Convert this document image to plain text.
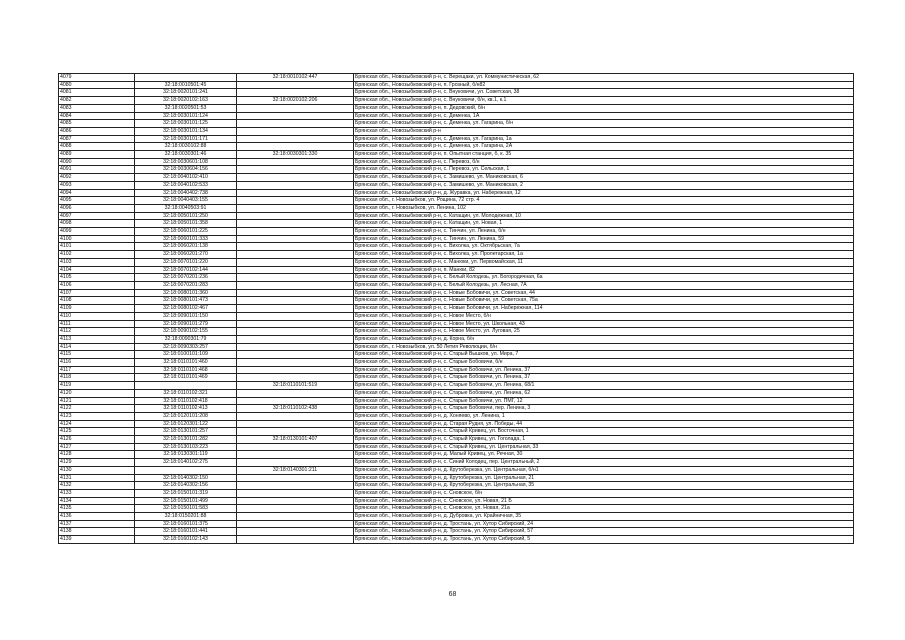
4079		32:18:0010102:447	Брянская обл., Новозыбковский р-н, с. Верещаки, ул. Коммунистическая, 62
4080	32:18:0010501:45		Брянская обл., Новозыбковский р-н, п. Грозный, б/н82
4081	32:18:0020101:241		Брянская обл., Новозыбковский р-н, с. Внуковичи, ул. Советская, 38
4082	32:18:0020102:163	32:18:0020102:206	Брянская обл., Новозыбковский р-н, с. Внуковичи, б/н, кв.1, к.1
4083	32:18:0020501:53		Брянская обл., Новозыбковский р-н, п. Дедовский, б/н
4084	32:18:0030101:124		Брянская обл., Новозыбковский р-н, с. Деменка, 1А
4085	32:18:0030101:125		Брянская обл., Новозыбковский р-н, с. Деменка, ул. Гагарина, б/н
4086	32:18:0030101:134		Брянская обл., Новозыбковский р-н
4087	32:18:0030101:171		Брянская обл., Новозыбковский р-н, с. Деменка, ул. Гагарина, 1а
4088	32:18:0030102:88		Брянская обл., Новозыбковский р-н, с. Деменка, ул. Гагарина, 2А
4089	32:18:0030301:46	32:18:0030301:330	Брянская обл., Новозыбковский р-н, п. Опытная станция, б, к. 35
4090	32:18:0030601:108		Брянская обл., Новозыбковский р-н, с. Перевоз, б/н
4091	32:18:0030604:156		Брянская обл., Новозыбковский р-н, с. Перевоз, ул. Сельская, 1
4092	32:18:0040102:410		Брянская обл., Новозыбковский р-н, с. Замишево, ул. Маниковская, 6
4093	32:18:0040102:533		Брянская обл., Новозыбковский р-н, с. Замишево, ул. Маниковская, 2
4094	32:18:0040402:738		Брянская обл., Новозыбковский р-н, д. Журавка, ул. Набережная, 12
4095	32:18:0040403:155		Брянская обл., г. Новозыбков, ул. Рощина, 72 стр. 4
4096	32:18:0040503:91		Брянская обл., г. Новозыбков, ул. Ленина, 102
4097	32:18:0050101:250		Брянская обл., Новозыбковский р-н, с. Катащин, ул. Молодежная, 10
4098	32:18:0050101:358		Брянская обл., Новозыбковский р-н, с. Катащин, ул. Новая, 1
4099	32:18:0060101:225		Брянская обл., Новозыбковский р-н, с. Тинчин, ул. Ленина, б/н
4100	32:18:0060101:333		Брянская обл., Новозыбковский р-н, с. Тинчин, ул. Ленина, 59
4101	32:18:0060201:138		Брянская обл., Новозыбковский р-н, с. Вихолка, ул. Октябрьская, 7а
4102	32:18:0060201:270		Брянская обл., Новозыбковский р-н, с. Вихолка, ул. Пролетарская, 1а
4103	32:18:0070101:220		Брянская обл., Новозыбковский р-н, с. Манюки, ул. Первомайская, 11
4104	32:18:0070102:144		Брянская обл., Новозыбковский р-н, п. Манюи, 82
4105	32:18:0070201:236		Брянская обл., Новозыбковский р-н, с. Белый Колодезь, ул. Богородичная, 6а
4106	32:18:0070201:283		Брянская обл., Новозыбковский р-н, с. Белый Колодезь, ул. Лесная, 7А
4107	32:18:0080101:360		Брянская обл., Новозыбковский р-н, с. Новые Бобовичи, ул. Советская, 44
4108	32:18:0080101:473		Брянская обл., Новозыбковский р-н, с. Новые Бобовичи, ул. Советская, 75а
4109	32:18:0080102:467		Брянская обл., Новозыбковский р-н, с. Новые Бобовичи, ул. Набережная, 114
4110	32:18:0090101:150		Брянская обл., Новозыбковский р-н, с. Новое Место, б/н
4111	32:18:0090101:279		Брянская обл., Новозыбковский р-н, с. Новое Место, ул. Школьная, 43
4112	32:18:0090102:155		Брянская обл., Новозыбковский р-н, с. Новое Место, ул. Луговая, 25
4113	32:18:0090301:79		Брянская обл., Новозыбковский р-н, д. Корна, б/н
4114	32:18:0090303:257		Брянская обл., г. Новозыбков, ул. 50 Летия Революции, б/н
4115	32:18:0100101:109		Брянская обл., Новозыбковский р-н, с. Старый Вышков, ул. Мира, 7
4116	32:18:0110101:460		Брянская обл., Новозыбковский р-н, с. Старые Бобовичи, б/н
4117	32:18:0110101:468		Брянская обл., Новозыбковский р-н, с. Старые Бобовичи, ул. Ленина, 37
4118	32:18:0110101:469		Брянская обл., Новозыбковский р-н, с. Старые Бобовичи, ул. Ленина, 37
4119		32:18:0110101:519	Брянская обл., Новозыбковский р-н, с. Старые Бобовичи, ул. Ленина, 68/1
4120	32:18:0110102:321		Брянская обл., Новозыбковский р-н, с. Старые Бобовичи, ул. Ленина, 62
4121	32:18:0110102:418		Брянская обл., Новозыбковский р-н, с. Старые Бобовичи, ул. ПМГ, 12
4122	32:18:0110102:413	32:18:0110102:438	Брянская обл., Новозыбковский р-н, с. Старые Бобовичи, пер. Ленина, 3
4123	32:18:0120101:208		Брянская обл., Новозыбковский р-н, д. Хоняево, ул. Ленина, 1
4124	32:18:0120301:122		Брянская обл., Новозыбковский р-н, д. Старая Рудня, ул. Победы, 44
4125	32:18:0130101:257		Брянская обл., Новозыбковский р-н, с. Старый Кривец, ул. Восточная, 1
4126	32:18:0130101:282	32:18:0130101:407	Брянская обл., Новозыбковский р-н, с. Старый Кривец, ул. Гоголада, 1
4127	32:18:0130103:223		Брянская обл., Новозыбковский р-н, с. Старый Кривец, ул. Центральная, 33
4128	32:18:0130301:119		Брянская обл., Новозыбковский р-н, д. Малый Кривец, ул. Речная, 30
4129	32:18:0140102:275		Брянская обл., Новозыбковский р-н, с. Синий Колодец, пер. Центральный, 2
4130		32:18:0140301:211	Брянская обл., Новозыбковский р-н, д. Крутоберезка, ул. Центральная, б/н1
4131	32:18:0140302:150		Брянская обл., Новозыбковский р-н, д. Крутоберезка, ул. Центральная, 21
4132	32:18:0140302:156		Брянская обл., Новозыбковский р-н, д. Крутоберезка, ул. Центральная, 35
4133	32:18:0150101:319		Брянская обл., Новозыбковский р-н, с. Сновское, б/н
4134	32:18:0150101:499		Брянская обл., Новозыбковский р-н, с. Сновское, ул. Новая, 21 Б
4135	32:18:0150101:583		Брянская обл., Новозыбковский р-н, с. Сновское, ул. Новая, 21а
4136	32:18:0150201:88		Брянская обл., Новозыбковский р-н, д. Дубровка, ул. Крайничная, 35
4137	32:18:0160101:375		Брянская обл., Новозыбковский р-н, д. Тростань, ул. Хутор Сибирский, 24
4138	32:18:0160101:441		Брянская обл., Новозыбковский р-н, д. Тростань, ул. Хутор Сибирский, 57
4139	32:18:0160102:143		Брянская обл., Новозыбковский р-н, д. Тростань, ул. Хутор Сибирский, 5
68
